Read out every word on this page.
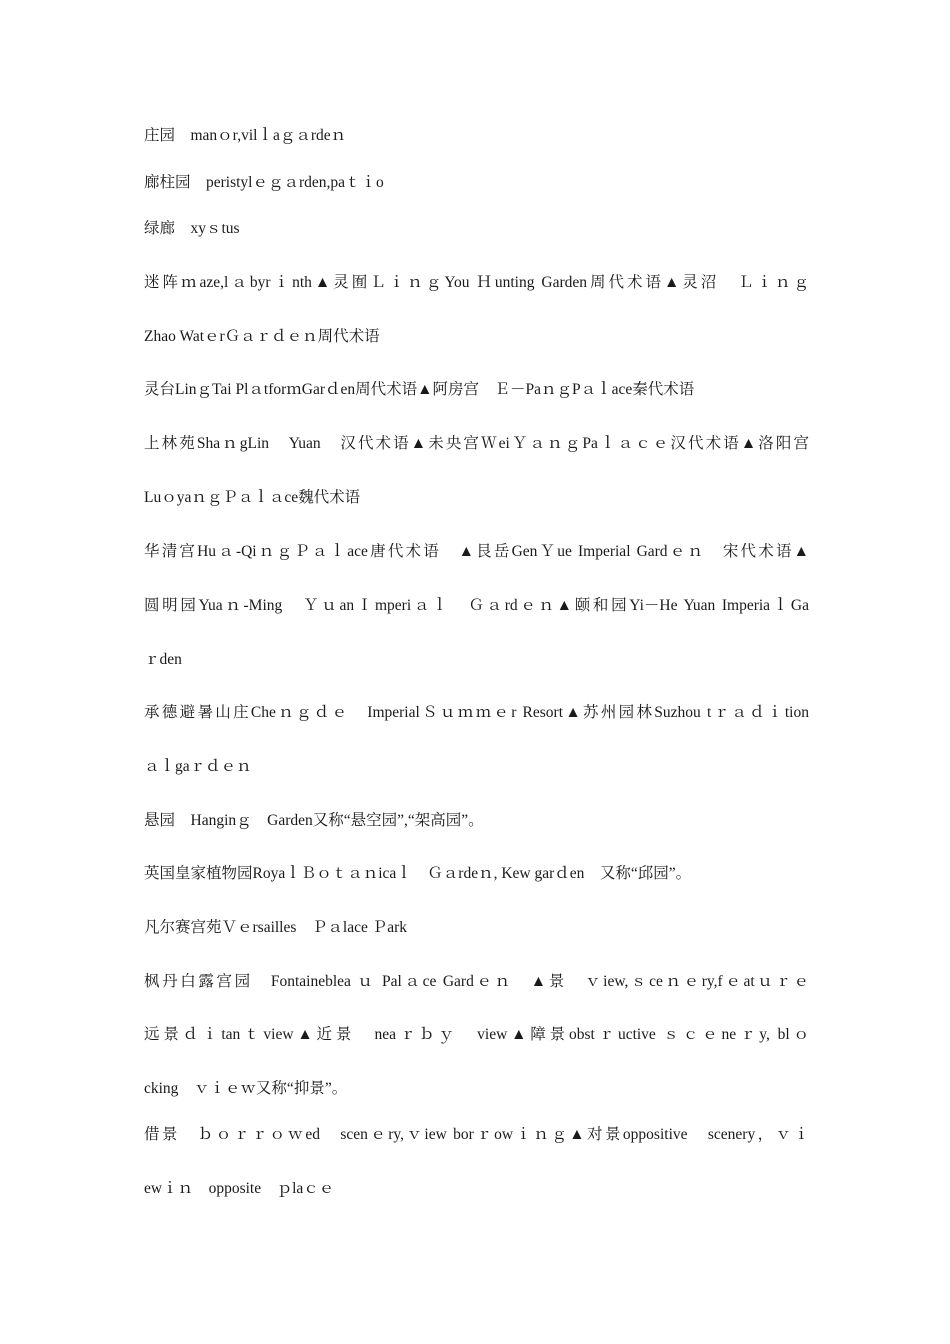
庄园　manｏr,vilｌaｇａrdeｎ
廊柱园　peristylｅｇａrden,paｔｉo
绿廊　xyｓtus
迷阵ｍaze,lａbyrｉnth▲灵囿ＬｉｎｇYou Ｈunting Garden周代术语▲灵沼　Ｌｉｎｇ
Zhao WatｅrＧａｒｄｅｎ周代术语
灵台LinｇTai PlａtforｍGarｄen周代术语▲阿房宫　Ｅ－PaｎｇPａｌace秦代术语
上林苑ShaｎgLin　Yuan　汉代术语▲未央宫ＷeiＹａｎｇPaｌａｃｅ汉代术语▲洛阳宫
LuｏyaｎｇＰａｌａce魏代术语
华清宫Huａ-QiｎｇＰａｌace唐代术语　▲艮岳GenＹue Imperial Gardｅｎ　宋代术语▲
圆明园Yuaｎ-Ming　ＹｕanＩmperiａｌ　Ｇａrdｅｎ▲颐和园Yi－He Yuan ImperiaｌGa
ｒden
承德避暑山庄Cheｎｇｄｅ　ImperialＳｕｍｍｅr Resort▲苏州园林Suzhou tｒａｄｉtion
ａｌgaｒｄｅｎ
悬园　Hanginｇ　Garden又称“悬空园”,“架高园”。
英国皇家植物园RoyaｌＢｏｔａｎicaｌ　Ｇａrdeｎ, Kew garｄen　又称“邱园”。
凡尔赛宫苑Ｖｅrsailles　Ｐａlace Ｐark
枫丹白露宫园　Fontaineblea ｕ Palａce Gardｅｎ　▲景　ｖiew,ｓceｎｅry,fｅatｕｒｅ
远景ｄｉtanｔview▲近景　neaｒｂｙ　view▲障景obstｒuctive ｓｃｅneｒy, blｏ
cking　ｖｉｅｗ又称“抑景”。
借景　ｂｏｒｒｏｗed　scenｅry,ｖiew borｒowｉｎｇ▲对景oppositive　scenery，ｖｉ
ewｉｎ　opposite　ｐlaｃｅ
